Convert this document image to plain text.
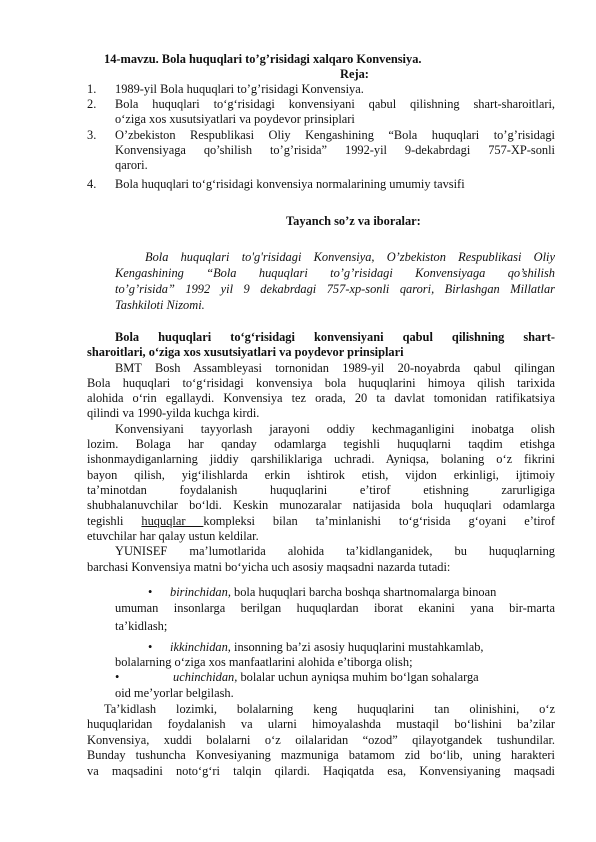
14-mavzu. Bola huquqlari to’g’risidagi xalqaro Konvensiya.
Reja:
1. 1989-yil Bola huquqlari to’g’risidagi Konvensiya.
2. Bola huquqlari to‘g‘risidagi konvensiyani qabul qilishning shart-sharoitlari,
o‘ziga xos xusutsiyatlari va poydevor prinsiplari
3. O’zbekiston Respublikasi Oliy Kengashining “Bola huquqlari to’g’risidagi
Konvensiyaga qo’shilish to’g’risida” 1992-yil 9-dekabrdagi 757-XP-sonli
qarori.
4. Bola huquqlari to‘g‘risidagi konvensiya normalarining umumiy tavsifi
Tayanch so’z va iboralar:
Bola huquqlari to'g'risidagi Konvensiya, O’zbekiston Respublikasi Oliy
Kengashining “Bola huquqlari to’g’risidagi Konvensiyaga qo’shilish
to’g’risida” 1992 yil 9 dekabrdagi 757-xp-sonli qarori, Birlashgan Millatlar
Tashkiloti Nizomi.
Bola huquqlari to‘g‘risidagi konvensiyani qabul qilishning shart-
sharoitlari, o‘ziga xos xusutsiyatlari va poydevor prinsiplari
BMT Bosh Assambleyasi tornonidan 1989-yil 20-noyabrda qabul qilingan
Bola huquqlari to‘g‘risidagi konvensiya bola huquqlarini himoya qilish tarixida
alohida o‘rin egallaydi. Konvensiya tez orada, 20 ta davlat tomonidan ratifikatsiya
qilindi va 1990-yilda kuchga kirdi.
Konvensiyani tayyorlash jarayoni oddiy kechmaganligini inobatga olish
lozim. Bolaga har qanday odamlarga tegishli huquqlarni taqdim etishga
ishonmaydiganlarning jiddiy qarshiliklariga uchradi. Ayniqsa, bolaning o‘z fikrini
bayon qilish, yig‘ilishlarda erkin ishtirok etish, vijdon erkinligi, ijtimoiy
ta’minotdan foydalanish huquqlarini e’tirof etishning zarurligiga
shubhalanuvchilar bo‘ldi. Keskin munozaralar natijasida bola huquqlari odamlarga
tegishli huquqlar kompleksi bilan ta’minlanishi to‘g‘risida g‘oyani e’tirof
etuvchilar har qalay ustun keldilar.
YUNISEF ma’lumotlarida alohida ta’kidlanganidek, bu huquqlarning
barchasi Konvensiya matni bo‘yicha uch asosiy maqsadni nazarda tutadi:
• birinchidan, bola huquqlari barcha boshqa shartnomalarga binoan
umuman insonlarga berilgan huquqlardan iborat ekanini yana bir-marta
ta’kidlash;
• ikkinchidan, insonning ba’zi asosiy huquqlarini mustahkamlab,
bolalarning o‘ziga xos manfaatlarini alohida e’tiborga olish;
•	uchinchidan, bolalar uchun ayniqsa muhim bo‘lgan sohalarga
oid me’yorlar belgilash.
Ta’kidlash lozimki, bolalarning keng huquqlarini tan olinishini, o‘z
huquqlaridan foydalanish va ularni himoyalashda mustaqil bo‘lishini ba’zilar
Konvensiya, xuddi bolalarni o‘z oilalaridan “ozod” qilayotgandek tushundilar.
Bunday tushuncha Konvesiyaning mazmuniga batamom zid bo‘lib, uning harakteri
va maqsadini noto‘g‘ri talqin qilardi. Haqiqatda esa, Konvensiyaning maqsadi
